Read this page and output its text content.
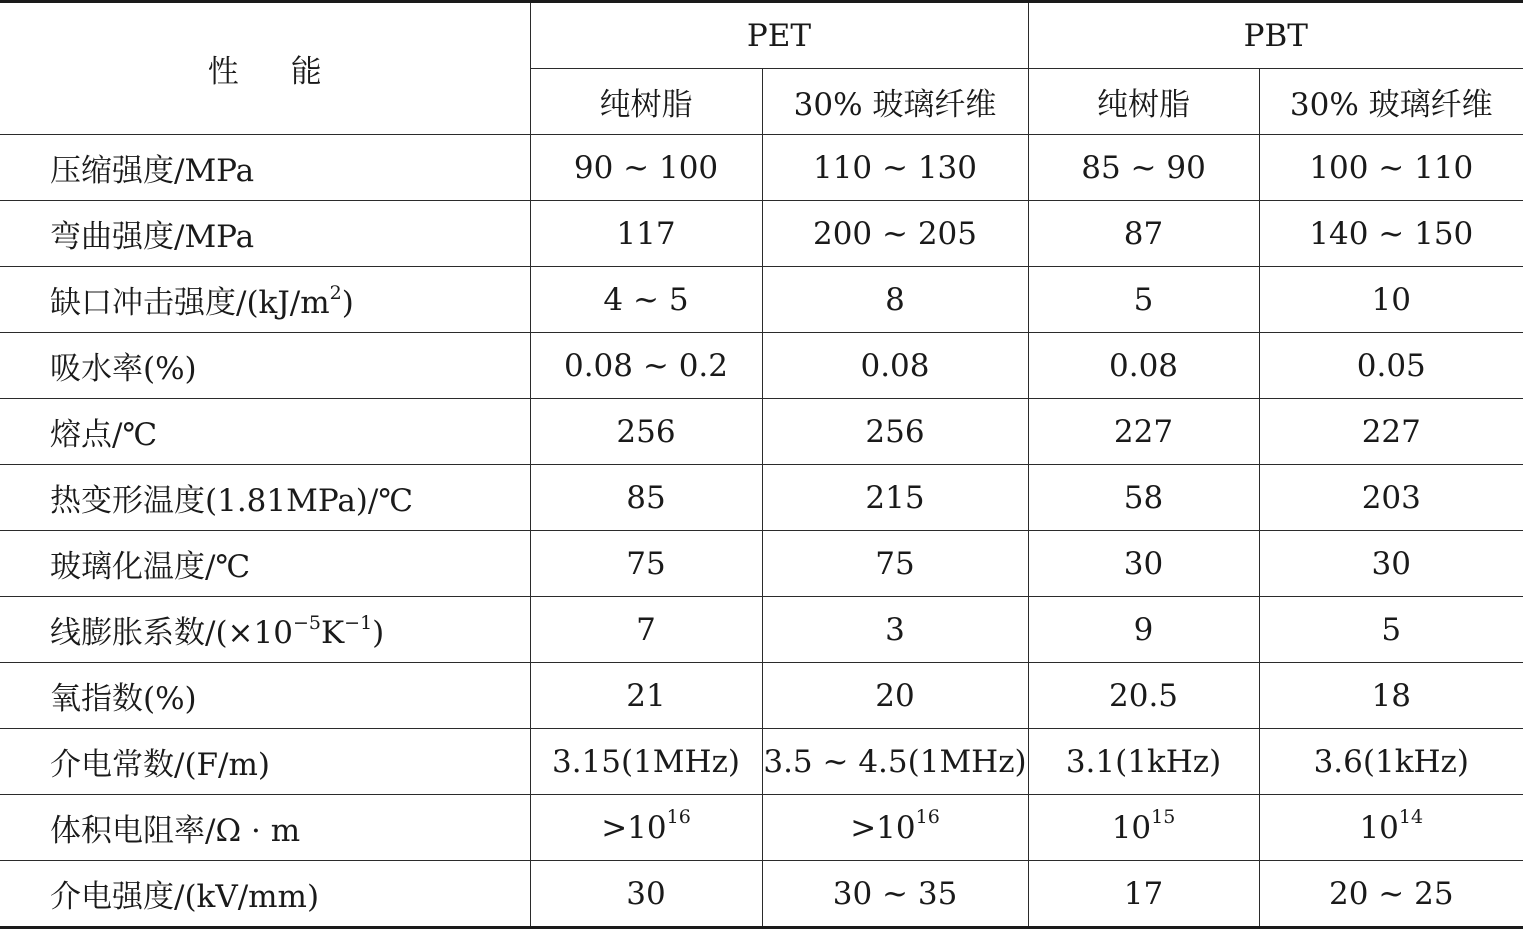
性 能	PET		PBT	
	纯树脂	30% 玻璃纤维	纯树脂	30% 玻璃纤维
压缩强度/MPa	90 ~ 100	110 ~ 130	85 ~ 90	100 ~ 110
弯曲强度/MPa	117	200 ~ 205	87	140 ~ 150
缺口冲击强度$/(kJ/m^2)$	4 ~ 5	8	5	10
吸水率(%)	0.08 ~ 0.2	0.08	0.08	0.05
熔点/℃	256	256	227	227
热变形温度(1.81MPa)/℃	85	215	58	203
玻璃化温度/℃	75	75	30	30
线膨胀系数$/(\times 10^{-5}K^{-1})$	7	3	9	5
氧指数(%)	21	20	20.5	18
介电常数/(F/m)	3.15(1MHz)	3.5 ~ 4.5(1MHz)	3.1(1kHz)	3.6(1kHz)
体积电阻率/Ω · m	$>10^{16}$	$>10^{16}$	$10^{15}$	$10^{14}$
介电强度/(kV/mm)	30	30 ~ 35	17	20 ~ 25
